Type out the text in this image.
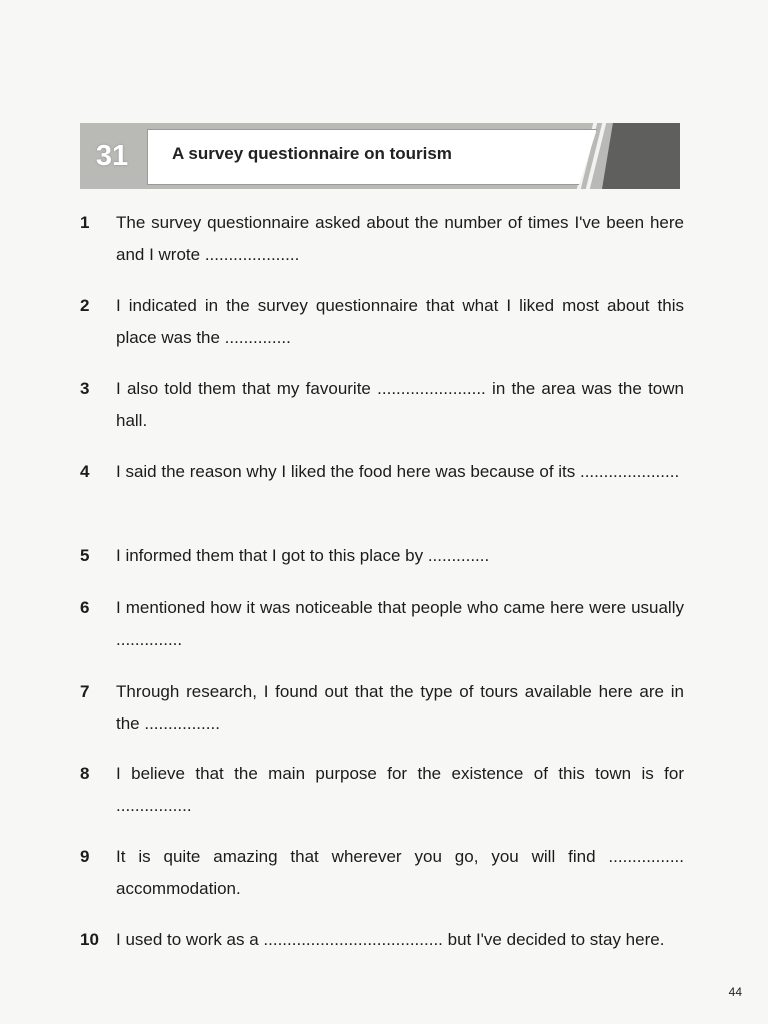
31	A survey questionnaire on tourism
1	The survey questionnaire asked about the number of times I've been here and I wrote ....................
2	I indicated in the survey questionnaire that what I liked most about this place was the ..............
3	I also told them that my favourite ....................... in the area was the town hall.
4	I said the reason why I liked the food here was because of its .....................
5	I informed them that I got to this place by .............
6	I mentioned how it was noticeable that people who came here were usually ..............
7	Through research, I found out that the type of tours available here are in the ................
8	I believe that the main purpose for the existence of this town is for ................
9	It is quite amazing that wherever you go, you will find ................ accommodation.
10	I used to work as a ...................................... but I've decided to stay here.
44
